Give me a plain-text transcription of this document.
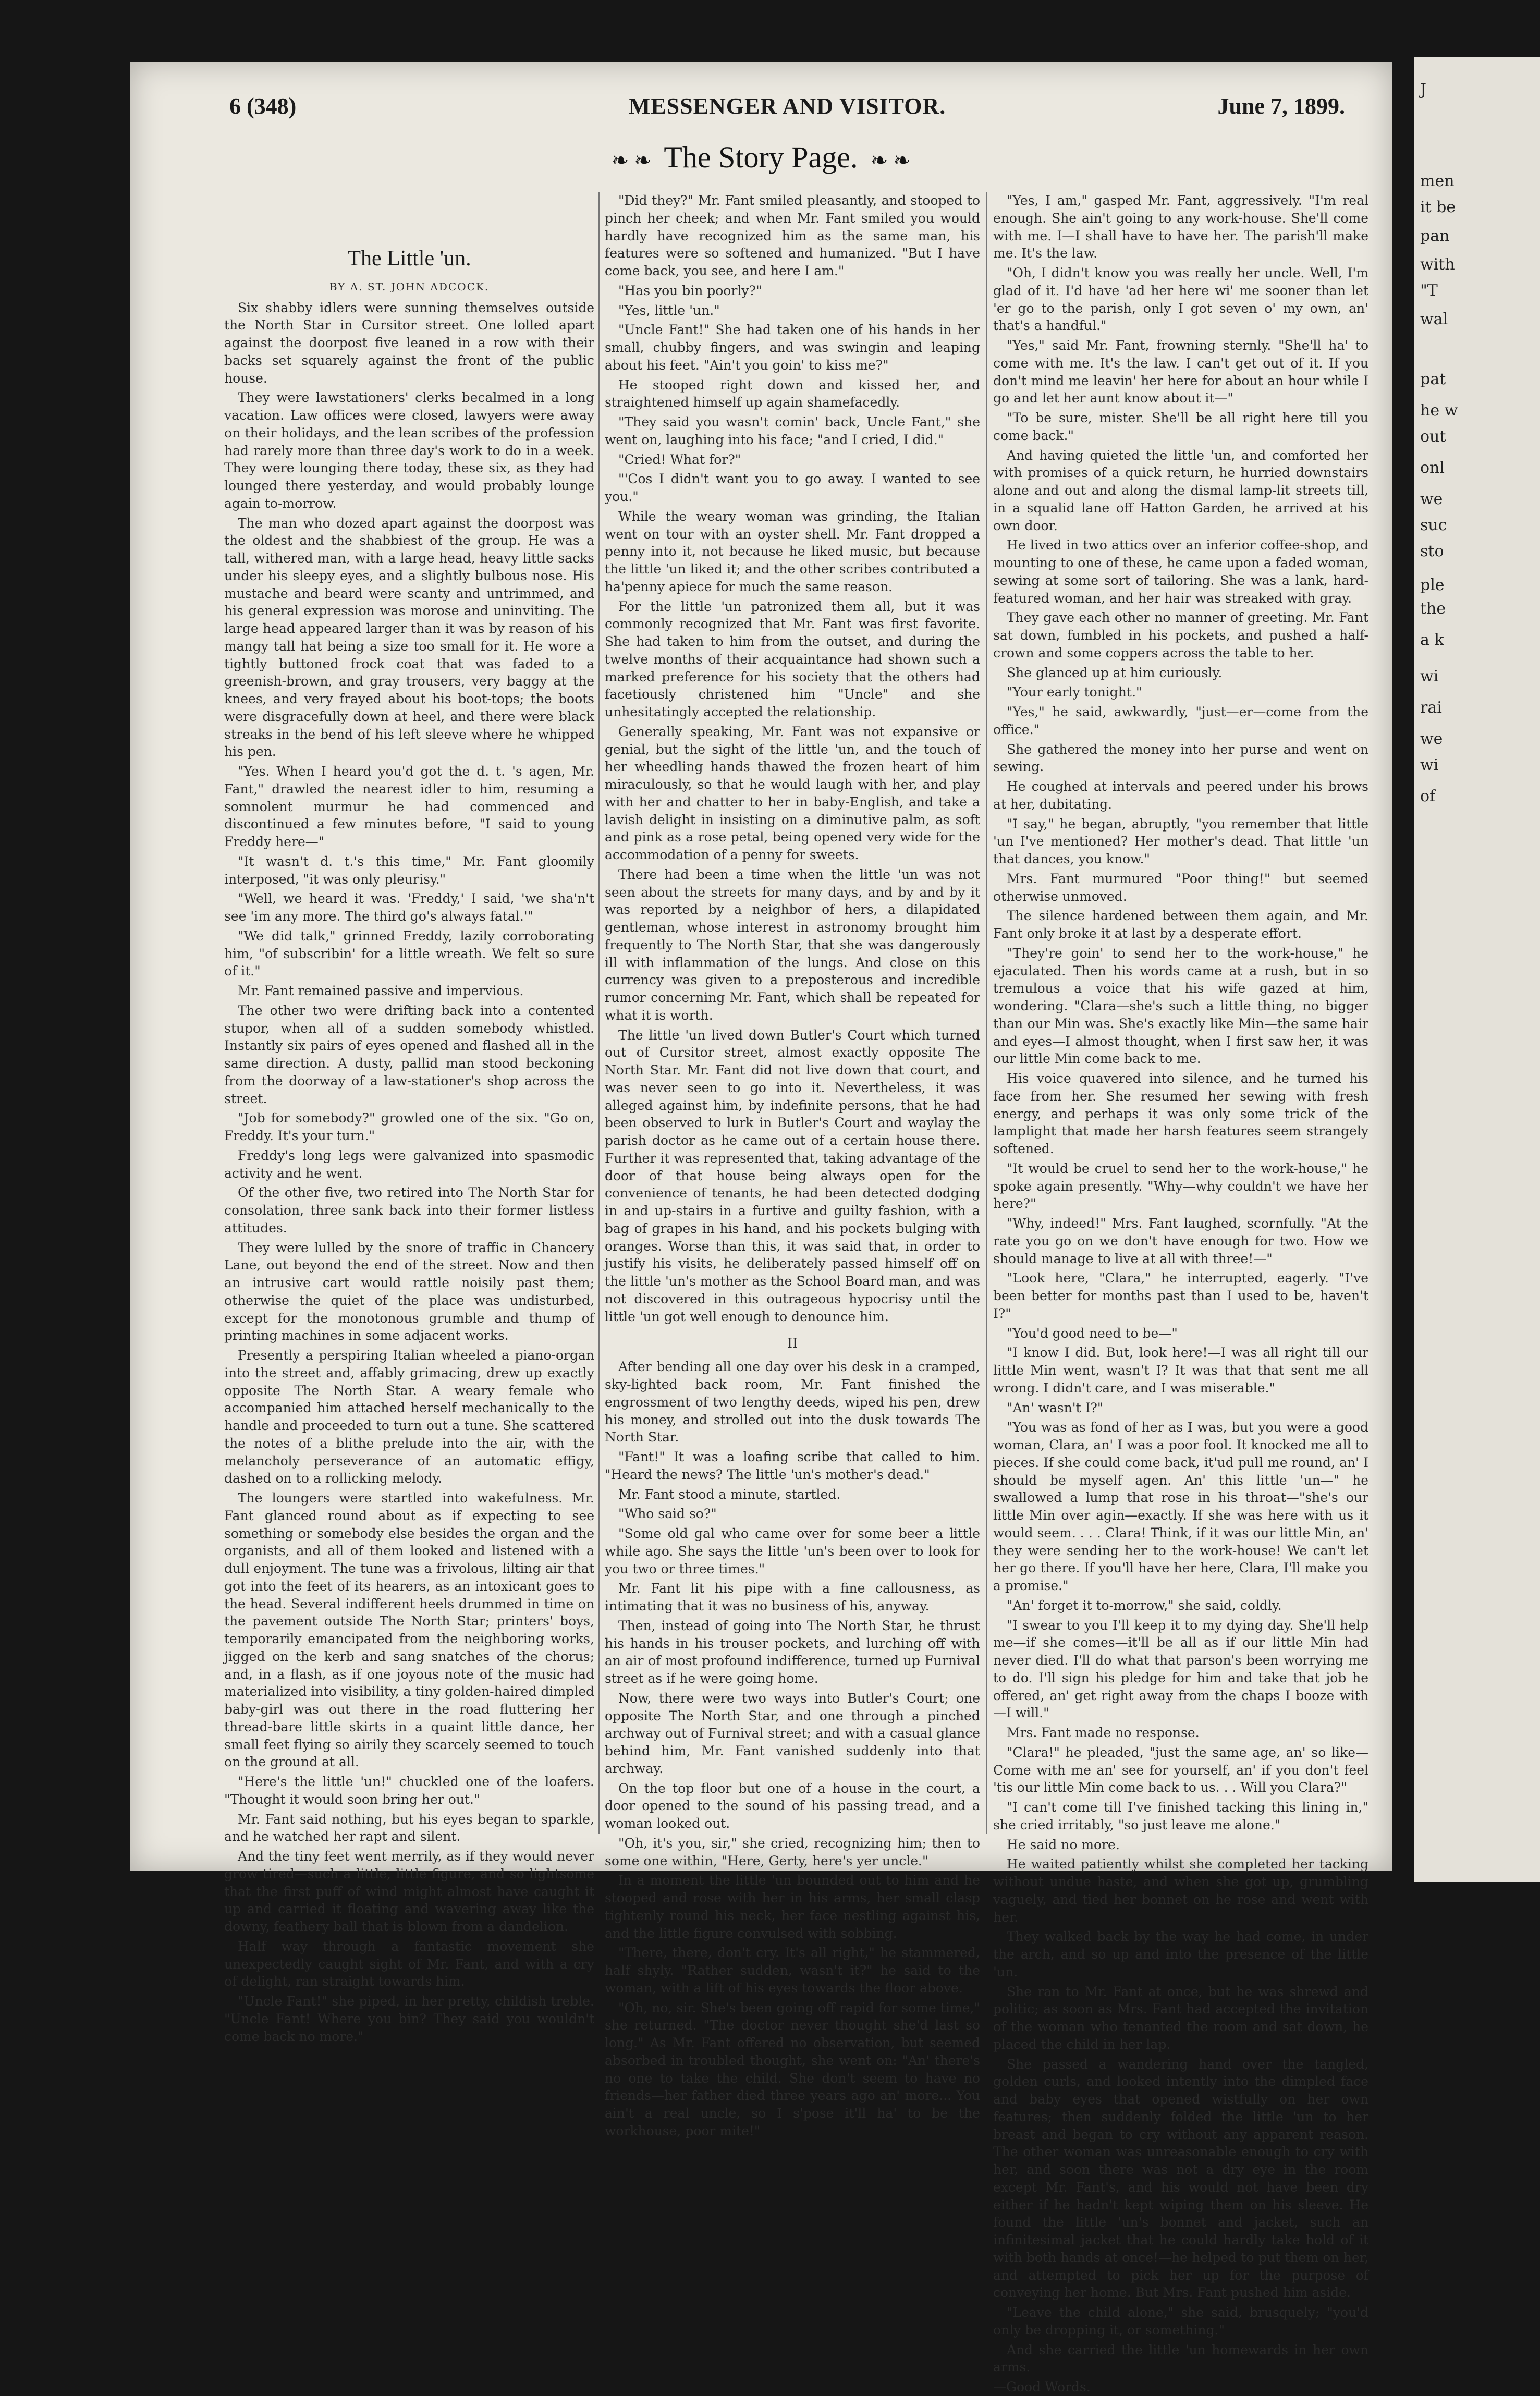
6 (348)	MESSENGER AND VISITOR.	June 7, 1899.
❧ ❧ The Story Page. ❧ ❧
The Little 'un.
BY A. ST. JOHN ADCOCK.

Six shabby idlers were sunning themselves outside the North Star in Cursitor street. One lolled apart against the doorpost five leaned in a row with their backs set squarely against the front of the public house.

They were lawstationers' clerks becalmed in a long vacation. Law offices were closed, lawyers were away on their holidays, and the lean scribes of the profession had rarely more than three day's work to do in a week. They were lounging there today, these six, as they had lounged there yesterday, and would probably lounge again to-morrow.

The man who dozed apart against the doorpost was the oldest and the shabbiest of the group. He was a tall, withered man, with a large head, heavy little sacks under his sleepy eyes, and a slightly bulbous nose. His mustache and beard were scanty and untrimmed, and his general expression was morose and uninviting. The large head appeared larger than it was by reason of his mangy tall hat being a size too small for it. He wore a tightly buttoned frock coat that was faded to a greenish-brown, and gray trousers, very baggy at the knees, and very frayed about his boot-tops; the boots were disgracefully down at heel, and there were black streaks in the bend of his left sleeve where he whipped his pen.

"Yes. When I heard you'd got the d. t. 's agen, Mr. Fant," drawled the nearest idler to him, resuming a somnolent murmur he had commenced and discontinued a few minutes before, "I said to young Freddy here—"

"It wasn't d. t.'s this time," Mr. Fant gloomily interposed, "it was only pleurisy."

"Well, we heard it was. 'Freddy,' I said, 'we sha'n't see 'im any more. The third go's always fatal.'"

"We did talk," grinned Freddy, lazily corroborating him, "of subscribin' for a little wreath. We felt so sure of it."

Mr. Fant remained passive and impervious.

The other two were drifting back into a contented stupor, when all of a sudden somebody whistled. Instantly six pairs of eyes opened and flashed all in the same direction. A dusty, pallid man stood beckoning from the doorway of a law-stationer's shop across the street.

"Job for somebody?" growled one of the six. "Go on, Freddy. It's your turn."

Freddy's long legs were galvanized into spasmodic activity and he went.

Of the other five, two retired into The North Star for consolation, three sank back into their former listless attitudes.

They were lulled by the snore of traffic in Chancery Lane, out beyond the end of the street. Now and then an intrusive cart would rattle noisily past them; otherwise the quiet of the place was undisturbed, except for the monotonous grumble and thump of printing machines in some adjacent works.

Presently a perspiring Italian wheeled a piano-organ into the street and, affably grimacing, drew up exactly opposite The North Star. A weary female who accompanied him attached herself mechanically to the handle and proceeded to turn out a tune. She scattered the notes of a blithe prelude into the air, with the melancholy perseverance of an automatic effigy, dashed on to a rollicking melody.

The loungers were startled into wakefulness. Mr. Fant glanced round about as if expecting to see something or somebody else besides the organ and the organists, and all of them looked and listened with a dull enjoyment. The tune was a frivolous, lilting air that got into the feet of its hearers, as an intoxicant goes to the head. Several indifferent heels drummed in time on the pavement outside The North Star; printers' boys, temporarily emancipated from the neighboring works, jigged on the kerb and sang snatches of the chorus; and, in a flash, as if one joyous note of the music had materialized into visibility, a tiny golden-haired dimpled baby-girl was out there in the road fluttering her thread-bare little skirts in a quaint little dance, her small feet flying so airily they scarcely seemed to touch on the ground at all.

"Here's the little 'un!" chuckled one of the loafers. "Thought it would soon bring her out."

Mr. Fant said nothing, but his eyes began to sparkle, and he watched her rapt and silent.

And the tiny feet went merrily, as if they would never grow tired—such a little, little figure, and so lightsome that the first puff of wind might almost have caught it up and carried it floating and wavering away like the downy, feathery ball that is blown from a dandelion.

Half way through a fantastic movement she unexpectedly caught sight of Mr. Fant, and with a cry of delight, ran straight towards him.

"Uncle Fant!" she piped, in her pretty, childish treble. "Uncle Fant! Where you bin? They said you wouldn't come back no more."

"Did they?" Mr. Fant smiled pleasantly, and stooped to pinch her cheek; and when Mr. Fant smiled you would hardly have recognized him as the same man, his features were so softened and humanized. "But I have come back, you see, and here I am."

"Has you bin poorly?"

"Yes, little 'un."

"Uncle Fant!" She had taken one of his hands in her small, chubby fingers, and was swingin and leaping about his feet. "Ain't you goin' to kiss me?"

He stooped right down and kissed her, and straightened himself up again shamefacedly.

"They said you wasn't comin' back, Uncle Fant," she went on, laughing into his face; "and I cried, I did."

"Cried! What for?"

"'Cos I didn't want you to go away. I wanted to see you."

While the weary woman was grinding, the Italian went on tour with an oyster shell. Mr. Fant dropped a penny into it, not because he liked music, but because the little 'un liked it; and the other scribes contributed a ha'penny apiece for much the same reason.

For the little 'un patronized them all, but it was commonly recognized that Mr. Fant was first favorite. She had taken to him from the outset, and during the twelve months of their acquaintance had shown such a marked preference for his society that the others had facetiously christened him "Uncle" and she unhesitatingly accepted the relationship.

Generally speaking, Mr. Fant was not expansive or genial, but the sight of the little 'un, and the touch of her wheedling hands thawed the frozen heart of him miraculously, so that he would laugh with her, and play with her and chatter to her in baby-English, and take a lavish delight in insisting on a diminutive palm, as soft and pink as a rose petal, being opened very wide for the accommodation of a penny for sweets.

There had been a time when the little 'un was not seen about the streets for many days, and by and by it was reported by a neighbor of hers, a dilapidated gentleman, whose interest in astronomy brought him frequently to The North Star, that she was dangerously ill with inflammation of the lungs. And close on this currency was given to a preposterous and incredible rumor concerning Mr. Fant, which shall be repeated for what it is worth.

The little 'un lived down Butler's Court which turned out of Cursitor street, almost exactly opposite The North Star. Mr. Fant did not live down that court, and was never seen to go into it. Nevertheless, it was alleged against him, by indefinite persons, that he had been observed to lurk in Butler's Court and waylay the parish doctor as he came out of a certain house there. Further it was represented that, taking advantage of the door of that house being always open for the convenience of tenants, he had been detected dodging in and up-stairs in a furtive and guilty fashion, with a bag of grapes in his hand, and his pockets bulging with oranges. Worse than this, it was said that, in order to justify his visits, he deliberately passed himself off on the little 'un's mother as the School Board man, and was not discovered in this outrageous hypocrisy until the little 'un got well enough to denounce him.

II

After bending all one day over his desk in a cramped, sky-lighted back room, Mr. Fant finished the engrossment of two lengthy deeds, wiped his pen, drew his money, and strolled out into the dusk towards The North Star.

"Fant!" It was a loafing scribe that called to him. "Heard the news? The little 'un's mother's dead."

Mr. Fant stood a minute, startled.

"Who said so?"

"Some old gal who came over for some beer a little while ago. She says the little 'un's been over to look for you two or three times."

Mr. Fant lit his pipe with a fine callousness, as intimating that it was no business of his, anyway.

Then, instead of going into The North Star, he thrust his hands in his trouser pockets, and lurching off with an air of most profound indifference, turned up Furnival street as if he were going home.

Now, there were two ways into Butler's Court; one opposite The North Star, and one through a pinched archway out of Furnival street; and with a casual glance behind him, Mr. Fant vanished suddenly into that archway.

On the top floor but one of a house in the court, a door opened to the sound of his passing tread, and a woman looked out.

"Oh, it's you, sir," she cried, recognizing him; then to some one within, "Here, Gerty, here's yer uncle."

In a moment the little 'un bounded out to him and he stooped and rose with her in his arms, her small clasp tightenly round his neck, her face nestling against his, and the little figure convulsed with sobbing.

"There, there, don't cry. It's all right," he stammered, half shyly. "Rather sudden, wasn't it?" he said to the woman, with a lift of his eyes towards the floor above.

"Oh, no, sir. She's been going off rapid for some time," she returned. "The doctor never thought she'd last so long." As Mr. Fant offered no observation, but seemed absorbed in troubled thought, she went on: "An' there's no one to take the child. She don't seem to have no friends—her father died three years ago an' more... You ain't a real uncle, so I s'pose it'll ha' to be the workhouse, poor mite!"

"Yes, I am," gasped Mr. Fant, aggressively. "I'm real enough. She ain't going to any work-house. She'll come with me. I—I shall have to have her. The parish'll make me. It's the law.

"Oh, I didn't know you was really her uncle. Well, I'm glad of it. I'd have 'ad her here wi' me sooner than let 'er go to the parish, only I got seven o' my own, an' that's a handful."

"Yes," said Mr. Fant, frowning sternly. "She'll ha' to come with me. It's the law. I can't get out of it. If you don't mind me leavin' her here for about an hour while I go and let her aunt know about it—"

"To be sure, mister. She'll be all right here till you come back."

And having quieted the little 'un, and comforted her with promises of a quick return, he hurried downstairs alone and out and along the dismal lamp-lit streets till, in a squalid lane off Hatton Garden, he arrived at his own door.

He lived in two attics over an inferior coffee-shop, and mounting to one of these, he came upon a faded woman, sewing at some sort of tailoring. She was a lank, hard-featured woman, and her hair was streaked with gray.

They gave each other no manner of greeting. Mr. Fant sat down, fumbled in his pockets, and pushed a half-crown and some coppers across the table to her.

She glanced up at him curiously.

"Your early tonight."

"Yes," he said, awkwardly, "just—er—come from the office."

She gathered the money into her purse and went on sewing.

He coughed at intervals and peered under his brows at her, dubitating.

"I say," he began, abruptly, "you remember that little 'un I've mentioned? Her mother's dead. That little 'un that dances, you know."

Mrs. Fant murmured "Poor thing!" but seemed otherwise unmoved.

The silence hardened between them again, and Mr. Fant only broke it at last by a desperate effort.

"They're goin' to send her to the work-house," he ejaculated. Then his words came at a rush, but in so tremulous a voice that his wife gazed at him, wondering. "Clara—she's such a little thing, no bigger than our Min was. She's exactly like Min—the same hair and eyes—I almost thought, when I first saw her, it was our little Min come back to me.

His voice quavered into silence, and he turned his face from her. She resumed her sewing with fresh energy, and perhaps it was only some trick of the lamplight that made her harsh features seem strangely softened.

"It would be cruel to send her to the work-house," he spoke again presently. "Why—why couldn't we have her here?"

"Why, indeed!" Mrs. Fant laughed, scornfully. "At the rate you go on we don't have enough for two. How we should manage to live at all with three!—"

"Look here, "Clara," he interrupted, eagerly. "I've been better for months past than I used to be, haven't I?"

"You'd good need to be—"

"I know I did. But, look here!—I was all right till our little Min went, wasn't I? It was that that sent me all wrong. I didn't care, and I was miserable."

"An' wasn't I?"

"You was as fond of her as I was, but you were a good woman, Clara, an' I was a poor fool. It knocked me all to pieces. If she could come back, it'ud pull me round, an' I should be myself agen. An' this little 'un—" he swallowed a lump that rose in his throat—"she's our little Min over agin—exactly. If she was here with us it would seem. . . . Clara! Think, if it was our little Min, an' they were sending her to the work-house! We can't let her go there. If you'll have her here, Clara, I'll make you a promise."

"An' forget it to-morrow," she said, coldly.

"I swear to you I'll keep it to my dying day. She'll help me—if she comes—it'll be all as if our little Min had never died. I'll do what that parson's been worrying me to do. I'll sign his pledge for him and take that job he offered, an' get right away from the chaps I booze with—I will."

Mrs. Fant made no response.

"Clara!" he pleaded, "just the same age, an' so like—Come with me an' see for yourself, an' if you don't feel 'tis our little Min come back to us. . . Will you Clara?"

"I can't come till I've finished tacking this lining in," she cried irritably, "so just leave me alone."

He said no more.

He waited patiently whilst she completed her tacking without undue haste, and when she got up, grumbling vaguely, and tied her bonnet on he rose and went with her.

They walked back by the way he had come, in under the arch, and so up and into the presence of the little 'un.

She ran to Mr. Fant at once, but he was shrewd and politic; as soon as Mrs. Fant had accepted the invitation of the woman who tenanted the room and sat down, he placed the child in her lap.

She passed a wandering hand over the tangled, golden curls, and looked intently into the dimpled face and baby eyes that opened wistfully on her own features; then suddenly folded the little 'un to her breast and began to cry without any apparent reason. The other woman was unreasonable enough to cry with her, and soon there was not a dry eye in the room except Mr. Fant's, and his would not have been dry either if he hadn't kept wiping them on his sleeve. He found the little 'un's bonnet and jacket, such an infinitesimal jacket that he could hardly take hold of it with both hands at once!—he helped to put them on her, and attempted to pick her up for the purpose of conveying her home. But Mrs. Fant pushed him aside.

"Leave the child alone," she said, brusquely; "you'd only be dropping it, or something."

And she carried the little 'un homewards in her own arms.

—Good Words.
J
men
it be
pan
with
"T
wal
pat
he w
out
onl
we
suc
sto
ple
the
a k
wi
rai
we
wi
of
